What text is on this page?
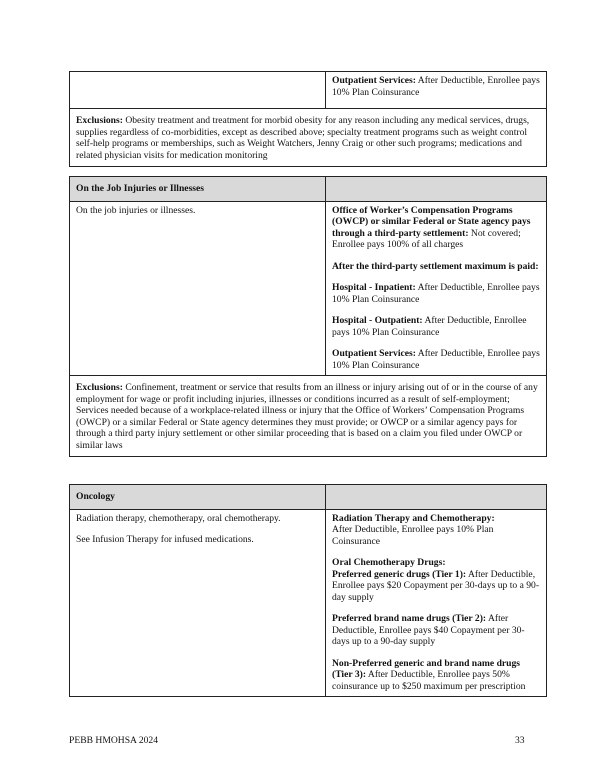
Outpatient Services: After Deductible, Enrollee pays 10% Plan Coinsurance

Exclusions: Obesity treatment and treatment for morbid obesity for any reason including any medical services, drugs, supplies regardless of co-morbidities, except as described above; specialty treatment programs such as weight control self-help programs or memberships, such as Weight Watchers, Jenny Craig or other such programs; medications and related physician visits for medication monitoring

On the Job Injuries or Illnesses

On the job injuries or illnesses.	Office of Worker’s Compensation Programs (OWCP) or similar Federal or State agency pays through a third-party settlement: Not covered; Enrollee pays 100% of all charges

After the third-party settlement maximum is paid:

Hospital - Inpatient: After Deductible, Enrollee pays 10% Plan Coinsurance

Hospital - Outpatient: After Deductible, Enrollee pays 10% Plan Coinsurance

Outpatient Services: After Deductible, Enrollee pays 10% Plan Coinsurance

Exclusions: Confinement, treatment or service that results from an illness or injury arising out of or in the course of any employment for wage or profit including injuries, illnesses or conditions incurred as a result of self-employment; Services needed because of a workplace-related illness or injury that the Office of Workers’ Compensation Programs (OWCP) or a similar Federal or State agency determines they must provide; or OWCP or a similar agency pays for through a third party injury settlement or other similar proceeding that is based on a claim you filed under OWCP or similar laws

Oncology

Radiation therapy, chemotherapy, oral chemotherapy.

See Infusion Therapy for infused medications.

Radiation Therapy and Chemotherapy:
After Deductible, Enrollee pays 10% Plan Coinsurance

Oral Chemotherapy Drugs:

Preferred generic drugs (Tier 1): After Deductible, Enrollee pays $20 Copayment per 30-days up to a 90-day supply

Preferred brand name drugs (Tier 2): After Deductible, Enrollee pays $40 Copayment per 30-days up to a 90-day supply

Non-Preferred generic and brand name drugs (Tier 3): After Deductible, Enrollee pays 50% coinsurance up to $250 maximum per prescription

PEBB HMOHSA 2024	33
